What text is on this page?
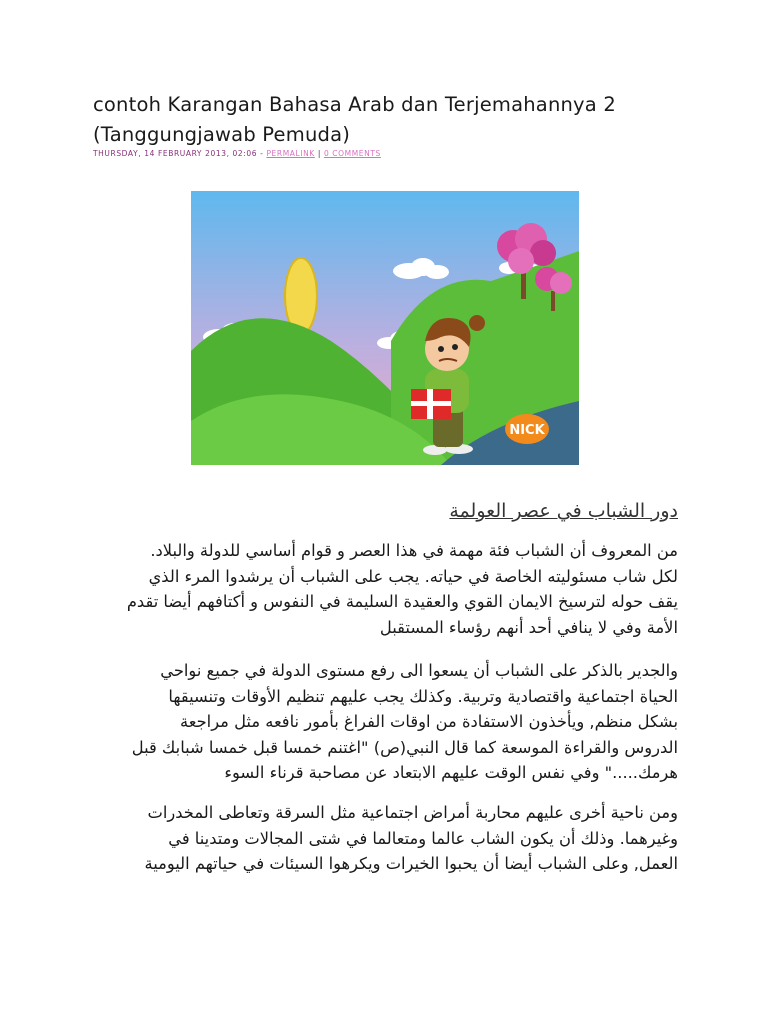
contoh Karangan Bahasa Arab dan Terjemahannya 2
(Tanggungjawab Pemuda)
THURSDAY, 14 FEBRUARY 2013, 02:06 - PERMALINK | 0 COMMENTS
NICK
دور الشباب في عصر العولمة
من المعروف أن الشباب فئة مهمة في هذا العصر و قوام أساسي للدولة والبلاد.
لكل شاب مسئوليته الخاصة في حياته. يجب على الشباب أن يرشدوا المرء الذي
يقف حوله لترسيخ الايمان القوي والعقيدة السليمة في النفوس و أكتافهم أيضا تقدم
الأمة وفي لا ينافي أحد أنهم رؤساء المستقبل
والجدير بالذكر على الشباب أن يسعوا الى رفع مستوى الدولة في جميع نواحي
الحياة اجتماعية واقتصادية وتربية. وكذلك يجب عليهم تنظيم الأوقات وتنسيقها
بشكل منظم, ويأخذون الاستفادة من اوقات الفراغ بأمور نافعه مثل مراجعة
الدروس والقراءة الموسعة كما قال النبي(ص) "اغتنم خمسا قبل خمسا شبابك قبل
هرمك....." وفي نفس الوقت عليهم الابتعاد عن مصاحبة قرناء السوء
ومن ناحية أخرى عليهم محاربة أمراض اجتماعية مثل السرقة وتعاطى المخدرات
وغيرهما. وذلك أن يكون الشاب عالما ومتعالما في شتى المجالات ومتدينا في
العمل, وعلى الشباب أيضا أن يحبوا الخيرات ويكرهوا السيئات في حياتهم اليومية
